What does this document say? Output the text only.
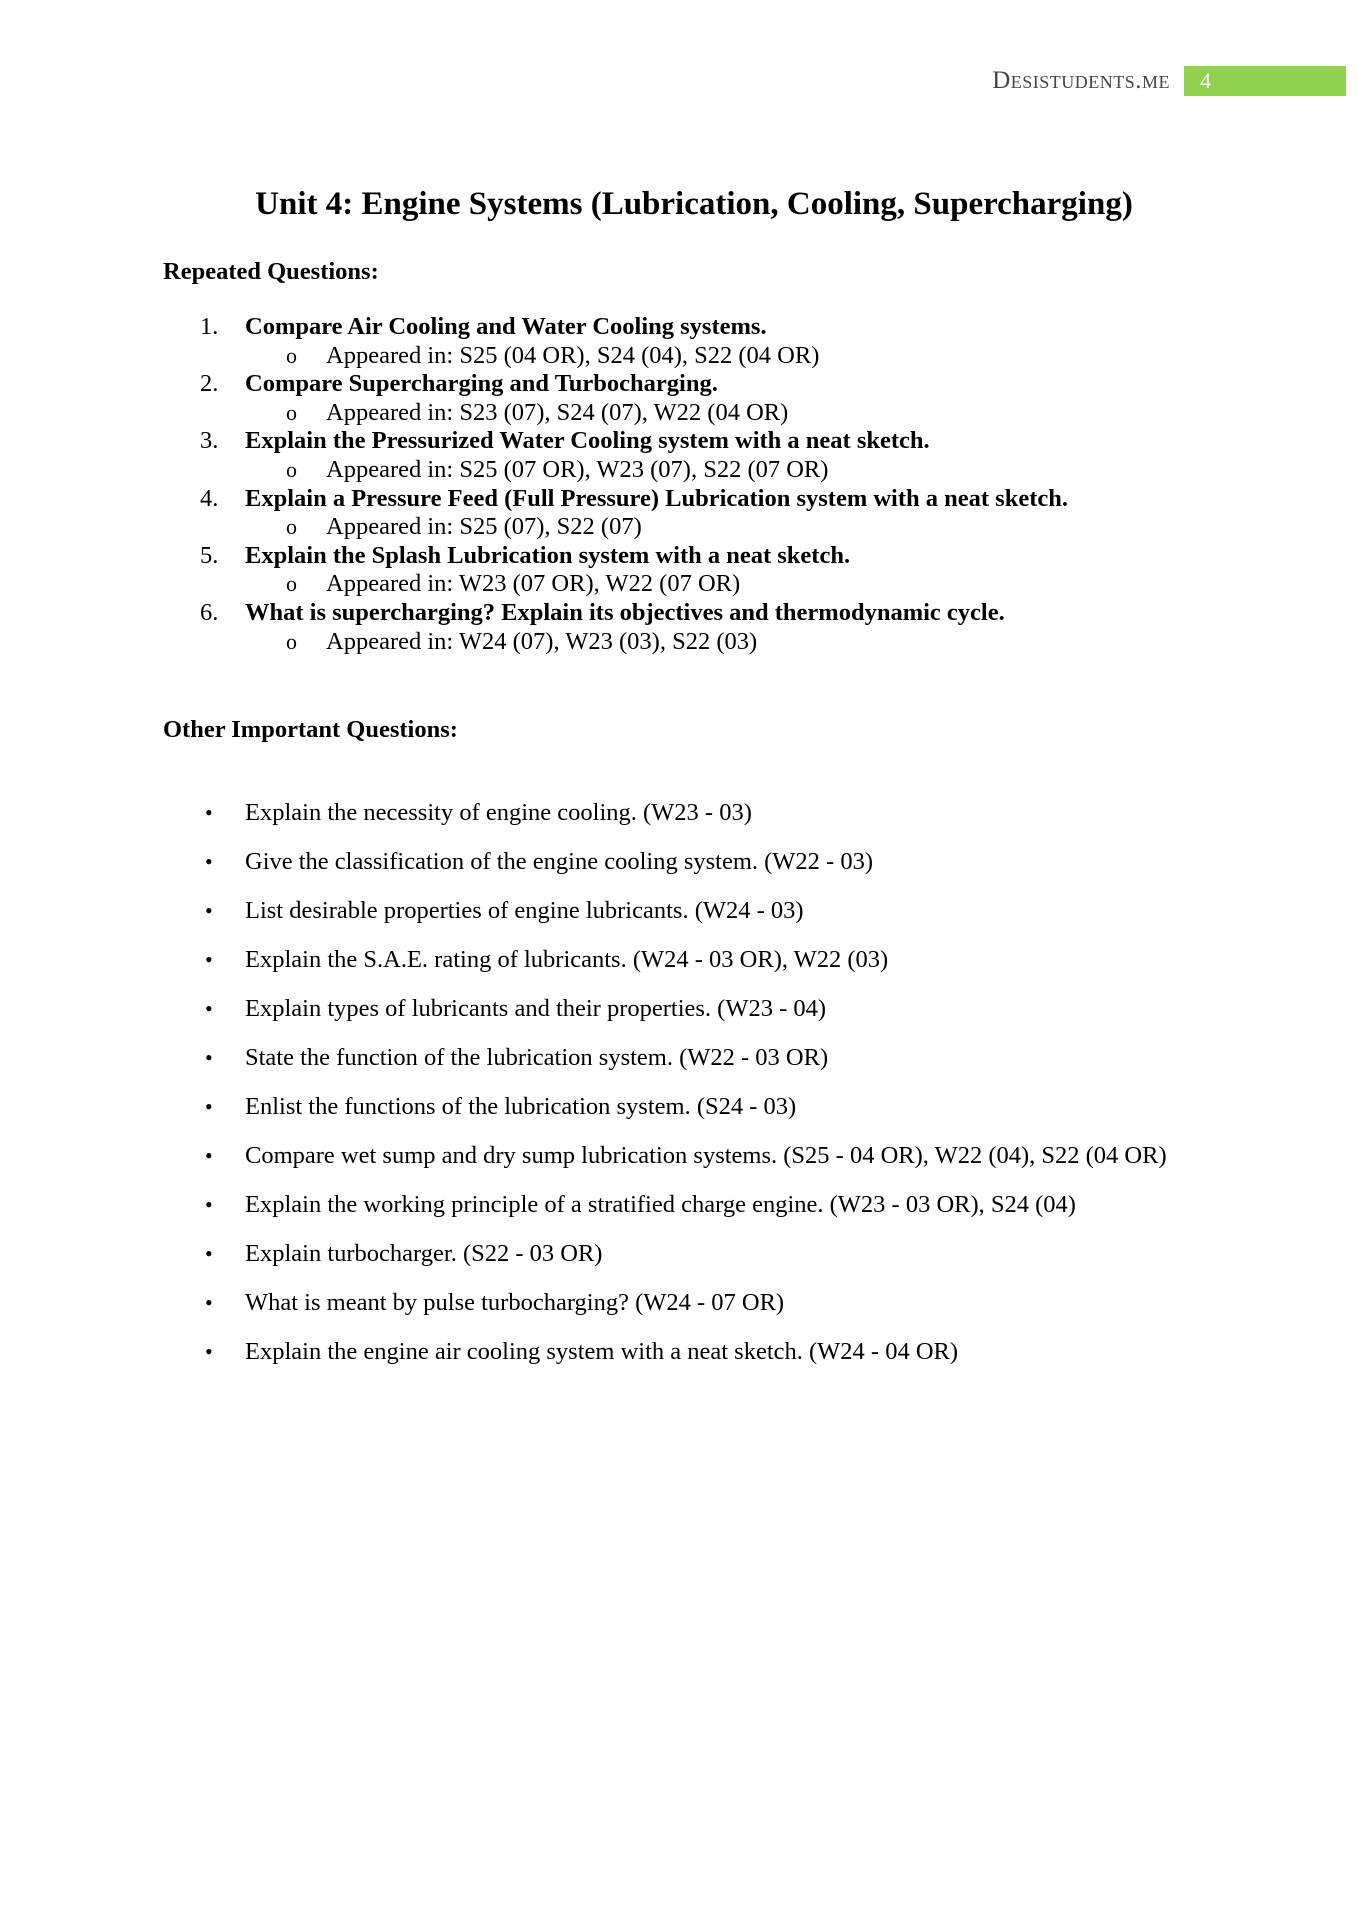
Desistudents.me	4
Unit 4: Engine Systems (Lubrication, Cooling, Supercharging)
Repeated Questions:
1. Compare Air Cooling and Water Cooling systems.
o Appeared in: S25 (04 OR), S24 (04), S22 (04 OR)
2. Compare Supercharging and Turbocharging.
o Appeared in: S23 (07), S24 (07), W22 (04 OR)
3. Explain the Pressurized Water Cooling system with a neat sketch.
o Appeared in: S25 (07 OR), W23 (07), S22 (07 OR)
4. Explain a Pressure Feed (Full Pressure) Lubrication system with a neat sketch.
o Appeared in: S25 (07), S22 (07)
5. Explain the Splash Lubrication system with a neat sketch.
o Appeared in: W23 (07 OR), W22 (07 OR)
6. What is supercharging? Explain its objectives and thermodynamic cycle.
o Appeared in: W24 (07), W23 (03), S22 (03)
Other Important Questions:
• Explain the necessity of engine cooling. (W23 - 03)
• Give the classification of the engine cooling system. (W22 - 03)
• List desirable properties of engine lubricants. (W24 - 03)
• Explain the S.A.E. rating of lubricants. (W24 - 03 OR), W22 (03)
• Explain types of lubricants and their properties. (W23 - 04)
• State the function of the lubrication system. (W22 - 03 OR)
• Enlist the functions of the lubrication system. (S24 - 03)
• Compare wet sump and dry sump lubrication systems. (S25 - 04 OR), W22 (04), S22 (04 OR)
• Explain the working principle of a stratified charge engine. (W23 - 03 OR), S24 (04)
• Explain turbocharger. (S22 - 03 OR)
• What is meant by pulse turbocharging? (W24 - 07 OR)
• Explain the engine air cooling system with a neat sketch. (W24 - 04 OR)
